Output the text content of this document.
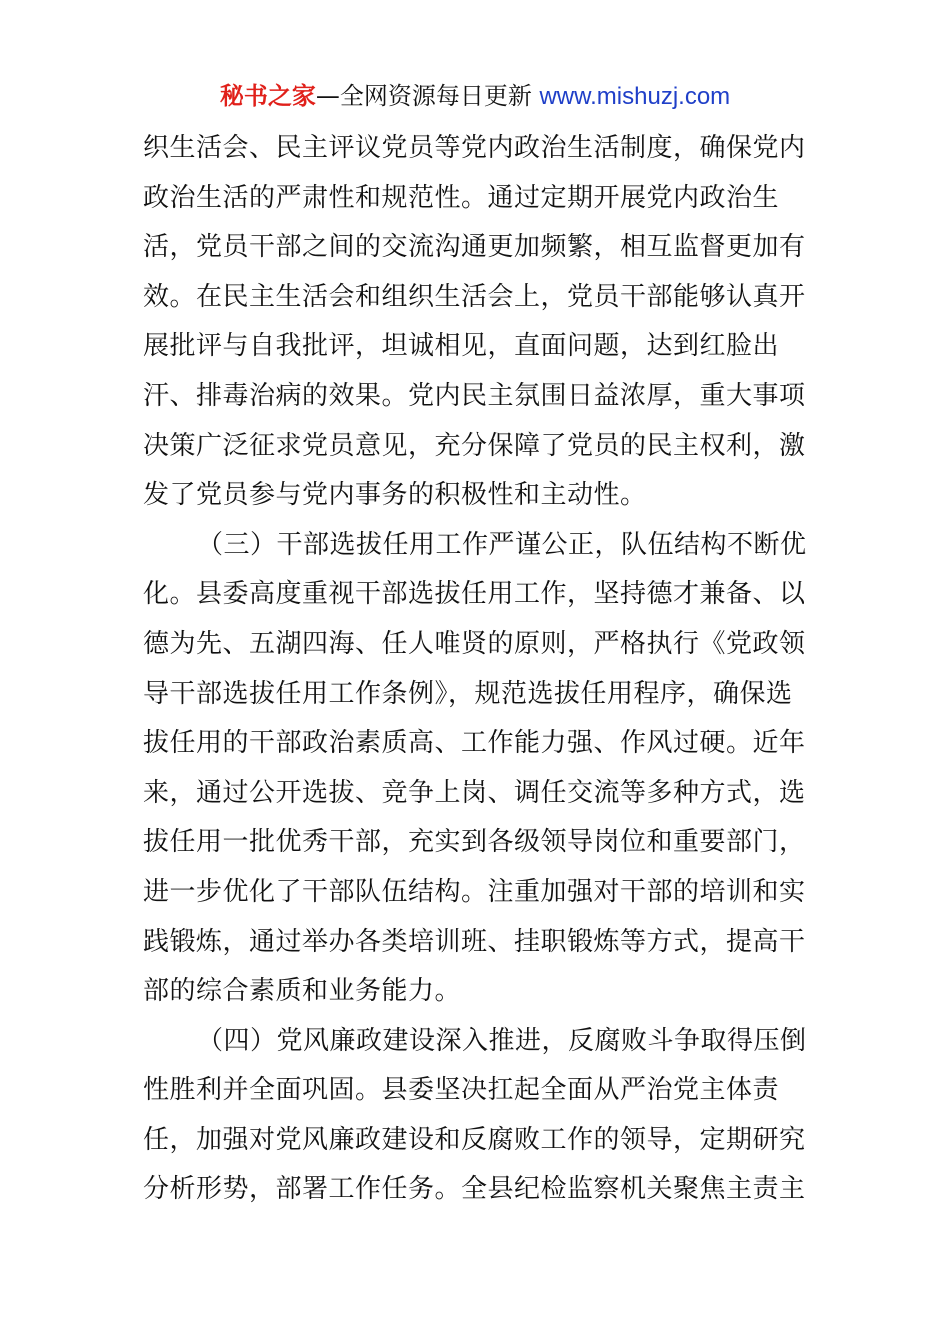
秘书之家—全网资源每日更新 www.mishuzj.com
织生活会、民主评议党员等党内政治生活制度，确保党内
政治生活的严肃性和规范性。通过定期开展党内政治生
活，党员干部之间的交流沟通更加频繁，相互监督更加有
效。在民主生活会和组织生活会上，党员干部能够认真开
展批评与自我批评，坦诚相见，直面问题，达到红脸出
汗、排毒治病的效果。党内民主氛围日益浓厚，重大事项
决策广泛征求党员意见，充分保障了党员的民主权利，激
发了党员参与党内事务的积极性和主动性。
（三）干部选拔任用工作严谨公正，队伍结构不断优
化。县委高度重视干部选拔任用工作，坚持德才兼备、以
德为先、五湖四海、任人唯贤的原则，严格执行《党政领
导干部选拔任用工作条例》，规范选拔任用程序，确保选
拔任用的干部政治素质高、工作能力强、作风过硬。近年
来，通过公开选拔、竞争上岗、调任交流等多种方式，选
拔任用一批优秀干部，充实到各级领导岗位和重要部门，
进一步优化了干部队伍结构。注重加强对干部的培训和实
践锻炼，通过举办各类培训班、挂职锻炼等方式，提高干
部的综合素质和业务能力。
（四）党风廉政建设深入推进，反腐败斗争取得压倒
性胜利并全面巩固。县委坚决扛起全面从严治党主体责
任，加强对党风廉政建设和反腐败工作的领导，定期研究
分析形势，部署工作任务。全县纪检监察机关聚焦主责主
